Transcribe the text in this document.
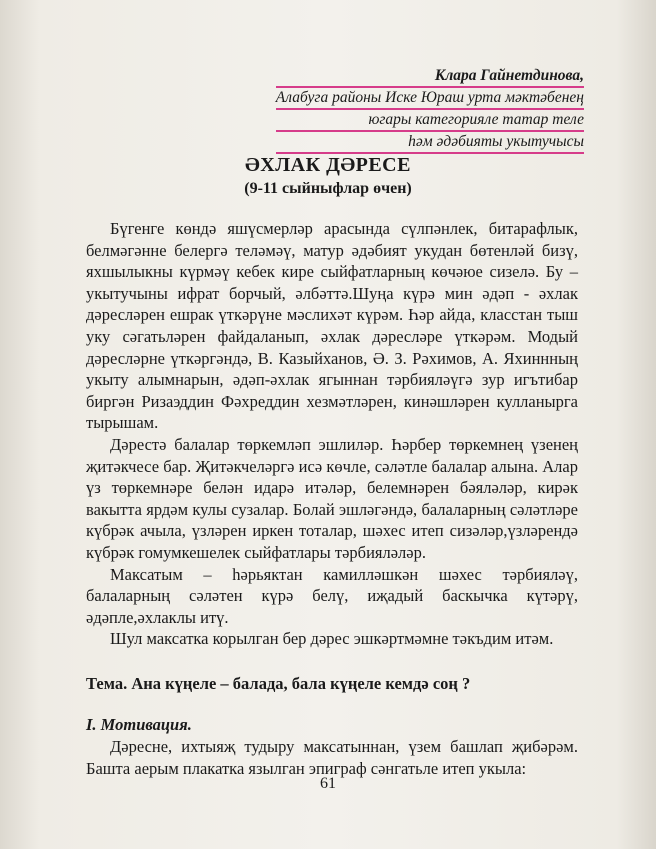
Клара Гайнетдинова,
Алабуга районы Иске Юраш урта мәктәбенең
югары категорияле татар теле
һәм әдәбияты укытучысы
ӘХЛАК ДӘРЕСЕ
(9-11 сыйныфлар өчен)

Бүгенге көндә яшүсмерләр арасында сүлпәнлек, битарафлык, белмәгәнне белергә теләмәү, матур әдәбият укудан бөтенләй бизү, яхшылыкны күрмәү кебек кире сыйфатларның көчәюе сизелә. Бу – укытучыны ифрат борчый, әлбәттә.Шуңа күрә мин әдәп - әхлак дәресләрен ешрак үткәрүне мәслихәт күрәм. Һәр айда, класстан тыш уку сәгатьләрен файдаланып, әхлак дәресләре үткәрәм. Модый дәресләрне үткәргәндә, В. Казыйханов, Ә. З. Рәхимов, А. Яхиннның укыту алымнарын, әдәп-әхлак ягыннан тәрбияләүгә зур игътибар биргән Ризаэддин Фәхреддин хезмәтләрен, кинәшләрен кулланырга тырышам.

Дәрестә балалар төркемләп эшлиләр. Һәрбер төркемнең үзенең җитәкчесе бар. Җитәкчеләргә исә көчле, сәләтле балалар алына. Алар үз төркемнәре белән идарә итәләр, белемнәрен бәяләләр, кирәк вакытта ярдәм кулы сузалар. Болай эшләгәндә, балаларның сәләтләре күбрәк ачыла, үзләрен иркен тоталар, шәхес итеп сизәләр,үзләрендә күбрәк гомумкешелек сыйфатлары тәрбияләләр.

Максатым – һәрьяктан камилләшкән шәхес тәрбияләү, балаларның сәләтен күрә белү, иҗадый баскычка күтәрү, әдәпле,әхлаклы итү.

Шул максатка корылган бер дәрес эшкәртмәмне тәкъдим итәм.

Тема. Ана күңеле – балада, бала күңеле кемдә соң ?

I. Мотивация.

Дәресне, ихтыяҗ тудыру максатыннан, үзем башлап җибәрәм. Башта аерым плакатка язылган эпиграф сәнгатьле итеп укыла:

61
